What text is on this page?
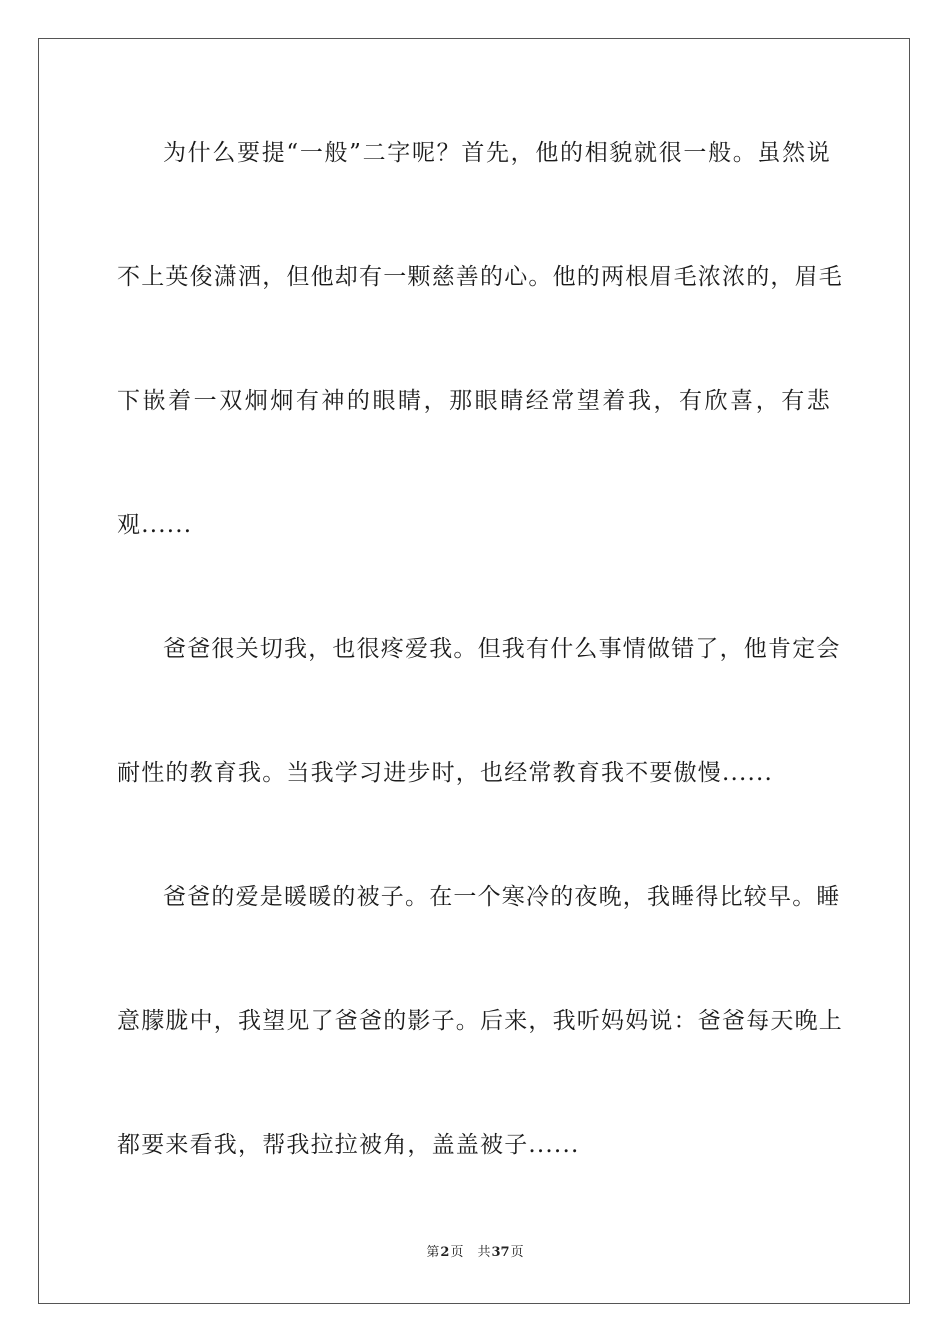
为什么要提“一般”二字呢？首先，他的相貌就很一般。虽然说
不上英俊潇洒，但他却有一颗慈善的心。他的两根眉毛浓浓的，眉毛
下嵌着一双炯炯有神的眼睛，那眼睛经常望着我，有欣喜，有悲
观......
爸爸很关切我，也很疼爱我。但我有什么事情做错了，他肯定会
耐性的教育我。当我学习进步时，也经常教育我不要傲慢......
爸爸的爱是暖暖的被子。在一个寒冷的夜晚，我睡得比较早。睡
意朦胧中，我望见了爸爸的影子。后来，我听妈妈说：爸爸每天晚上
都要来看我，帮我拉拉被角，盖盖被子......
第2页 共37页
